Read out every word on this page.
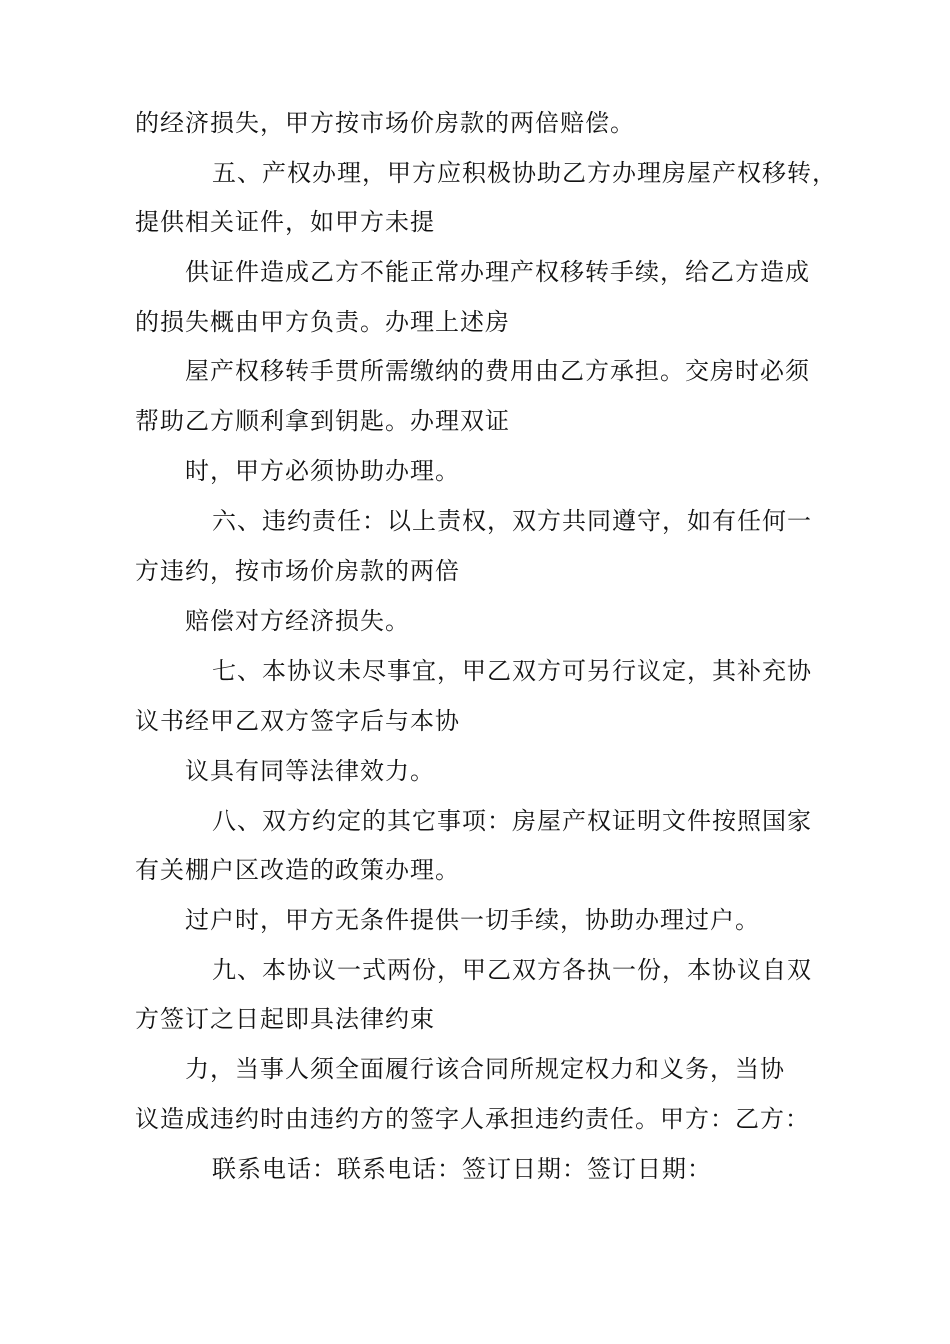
的经济损失，甲方按市场价房款的两倍赔偿。
五、产权办理，甲方应积极协助乙方办理房屋产权移转，
提供相关证件，如甲方未提
供证件造成乙方不能正常办理产权移转手续，给乙方造成
的损失概由甲方负责。办理上述房
屋产权移转手贯所需缴纳的费用由乙方承担。交房时必须
帮助乙方顺利拿到钥匙。办理双证
时，甲方必须协助办理。
六、违约责任：以上责权，双方共同遵守，如有任何一
方违约，按市场价房款的两倍
赔偿对方经济损失。
七、本协议未尽事宜，甲乙双方可另行议定，其补充协
议书经甲乙双方签字后与本协
议具有同等法律效力。
八、双方约定的其它事项：房屋产权证明文件按照国家
有关棚户区改造的政策办理。
过户时，甲方无条件提供一切手续，协助办理过户。
九、本协议一式两份，甲乙双方各执一份，本协议自双
方签订之日起即具法律约束
力，当事人须全面履行该合同所规定权力和义务，当协
议造成违约时由违约方的签字人承担违约责任。甲方：乙方：
联系电话：联系电话：签订日期：签订日期：
